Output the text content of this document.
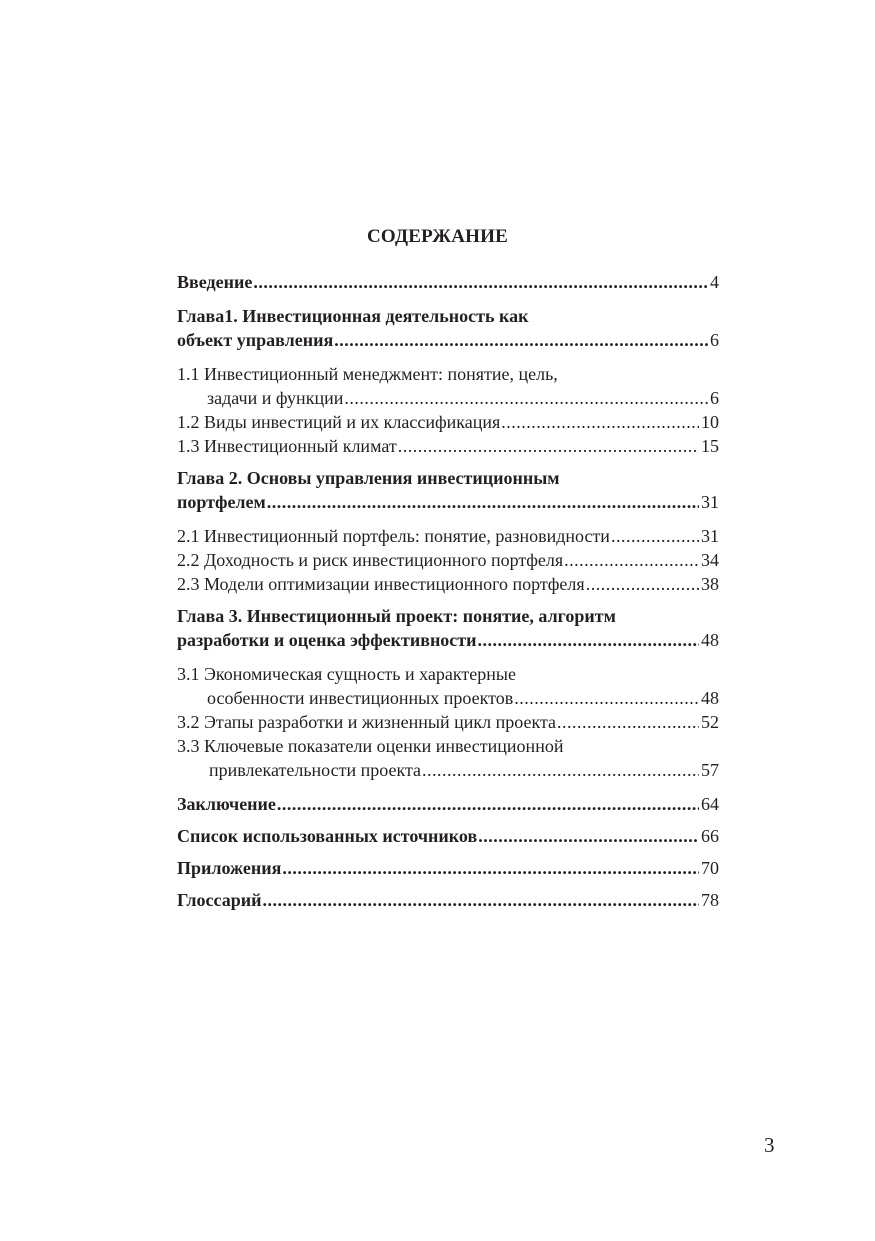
СОДЕРЖАНИЕ
Введение . . .	4
Глава1. Инвестиционная деятельность как
объект управления . . .	6
1.1 Инвестиционный менеджмент: понятие, цель,
задачи и функции . . .	6
1.2 Виды инвестиций и их классификация . . .	10
1.3 Инвестиционный климат . . .	15
Глава 2. Основы управления инвестиционным
портфелем . . .	31
2.1 Инвестиционный портфель: понятие, разновидности . . .	31
2.2 Доходность и риск инвестиционного портфеля . . .	34
2.3 Модели оптимизации инвестиционного портфеля . . .	38
Глава 3. Инвестиционный проект: понятие, алгоритм
разработки и оценка эффективности . . .	48
3.1 Экономическая сущность и характерные
особенности инвестиционных проектов . . .	48
3.2 Этапы разработки и жизненный цикл проекта . . .	52
3.3 Ключевые показатели оценки инвестиционной
привлекательности проекта . . .	57
Заключение . . .	64
Список использованных источников . . .	66
Приложения . . .	70
Глоссарий . . .	78
3
